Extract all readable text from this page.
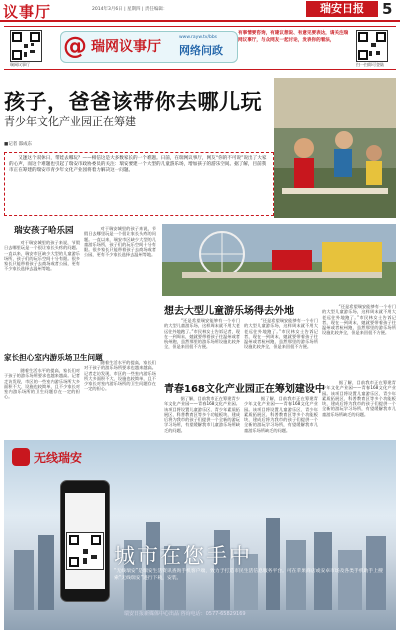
议事厅	2014年3月6日 | 星期四 | 责任编辑：	瑞安日报	5
瑞网议事厅
@ 瑞网议事厅
www.rayw.tv/bbs
网络问政
有事情要咨询，有建议想说、有意见要表达，请关注瑞网议事厅，与众网友一起讨论，发表你的看法，
扫一扫即可登陆
孩子，爸爸该带你去哪儿玩
青少年文化产业园正在筹建
■记者 邵成东
　　又逢这个双休日，带娃去哪玩？——相信这是大多数家长的一个难题。日前，在瑞网议事厅，网友“你的不可说”说出了大家的心声，而这个难题也引起了瑞安市政协委员的关注：瑞安要建一个大型的儿童游乐场，增加孩子的游乐空间。据了解，目前我市正在筹建的瑞安市青少年文化产业园将着力解决这一问题。
瑞安孩子哈乐园
　　对于瑞安城里的孩子来说，节假日去哪里玩是一个很让家长头疼的问题。一直以来，瑞安市区缺少大型的儿童游乐场所，孩子们的玩乐空间十分有限。很多家长只能带着孩子去商场或者公园，更有不少家长选择去温州等地。
家长担心室内游乐场卫生问题
　　随着生活水平的提高，家长们对于孩子的游乐场所要求也越来越高。记者走访发现，市区的一些室内游乐场所大多面积不大、设施也较简单，且不少家长对室内游乐场所的卫生问题存在一定的担心。
　　对于瑞安城里的孩子来说，节假日去哪里玩是一个很让家长头疼的问题。一直以来，瑞安市区缺少大型的儿童游乐场所，孩子们的玩乐空间十分有限。很多家长只能带着孩子去商场或者公园，更有不少家长选择去温州等地。
　　随着生活水平的提高，家长们对于孩子的游乐场所要求也越来越高。记者走访发现，市区的一些室内游乐场所大多面积不大、设施也较简单，且不少家长对室内游乐场所的卫生问题存在一定的担心。
想去大型儿童游乐场得去外地
　　“还是希望瑞安能够有一个专门的大型儿童游乐场，这样周末就不用大老远往外地跑了。”市民林女士告诉记者，现在一到周末，她就要带着孩子往温州或者杭州跑，虽然那里的游乐场所设施比较齐全，但是来回很不方便。
　　“还是希望瑞安能够有一个专门的大型儿童游乐场，这样周末就不用大老远往外地跑了。”市民林女士告诉记者，现在一到周末，她就要带着孩子往温州或者杭州跑，虽然那里的游乐场所设施比较齐全，但是来回很不方便。
　　“还是希望瑞安能够有一个专门的大型儿童游乐场，这样周末就不用大老远往外地跑了。”市民林女士告诉记者，现在一到周末，她就要带着孩子往温州或者杭州跑，虽然那里的游乐场所设施比较齐全，但是来回很不方便。
青春168文化产业园正在筹划建设中
　　据了解，目前我市正在筹建青少年文化产业园——青春168文化产业园。该项目将设置儿童游乐区、青少年素质拓展区、科普教育区等多个功能板块，建成后将为我市的孩子们提供一个全新的游玩学习场所，有望缓解我市儿童游乐场所缺乏的问题。
　　据了解，目前我市正在筹建青少年文化产业园——青春168文化产业园。该项目将设置儿童游乐区、青少年素质拓展区、科普教育区等多个功能板块，建成后将为我市的孩子们提供一个全新的游玩学习场所，有望缓解我市儿童游乐场所缺乏的问题。
　　据了解，目前我市正在筹建青少年文化产业园——青春168文化产业园。该项目将设置儿童游乐区、青少年素质拓展区、科普教育区等多个功能板块，建成后将为我市的孩子们提供一个全新的游玩学习场所，有望缓解我市儿童游乐场所缺乏的问题。
无线瑞安
城市在您手中
“无线瑞安”是瑞安生活资讯查询手机客户端，致力于打造市民生活信息服务平台。可在苹果商店或安卓市场及各类手机助手上搜索“无线瑞安”进行下载，安装。
瑞安日报新媒体中心出品 咨询电话：0577-65829169
